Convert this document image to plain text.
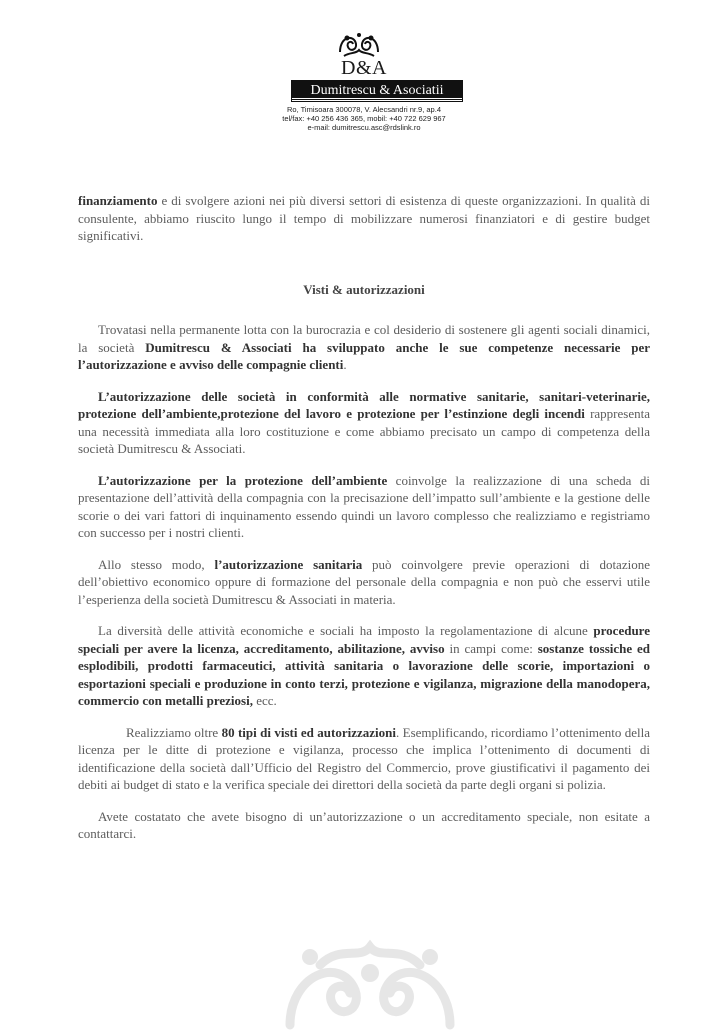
D&A
Dumitrescu & Asociatii
Ro, Timisoara 300078, V. Alecsandri nr.9, ap.4
tel/fax: +40 256 436 365, mobil: +40 722 629 967
e-mail: dumitrescu.asc@rdslink.ro

finanziamento e di svolgere azioni nei più diversi settori di esistenza di queste organizzazioni. In qualità di consulente, abbiamo riuscito lungo il tempo di mobilizzare numerosi finanziatori e di gestire budget significativi.

Visti & autorizzazioni

Trovatasi nella permanente lotta con la burocrazia e col desiderio di sostenere gli agenti sociali dinamici, la società Dumitrescu & Associati ha sviluppato anche le sue competenze necessarie per l’autorizzazione e avviso delle compagnie clienti.

L’autorizzazione delle società in conformità alle normative sanitarie, sanitari-veterinarie, protezione dell’ambiente,protezione del lavoro e protezione per l’estinzione degli incendi rappresenta una necessità immediata alla loro costituzione e come abbiamo precisato un campo di competenza della società Dumitrescu & Associati.

L’autorizzazione per la protezione dell’ambiente coinvolge la realizzazione di una scheda di presentazione dell’attività della compagnia con la precisazione dell’impatto sull’ambiente e la gestione delle scorie o dei vari fattori di inquinamento essendo quindi un lavoro complesso che realizziamo e registriamo con successo per i nostri clienti.

Allo stesso modo, l’autorizzazione sanitaria può coinvolgere previe operazioni di dotazione dell’obiettivo economico oppure di formazione del personale della compagnia e non può che esservi utile l’esperienza della società Dumitrescu & Associati in materia.

La diversità delle attività economiche e sociali ha imposto la regolamentazione di alcune procedure speciali per avere la licenza, accreditamento, abilitazione, avviso in campi come: sostanze tossiche ed esplodibili, prodotti farmaceutici, attività sanitaria o lavorazione delle scorie, importazioni o esportazioni speciali e produzione in conto terzi, protezione e vigilanza, migrazione della manodopera, commercio con metalli preziosi, ecc.

Realizziamo oltre 80 tipi di visti ed autorizzazioni. Esemplificando, ricordiamo l’ottenimento della licenza per le ditte di protezione e vigilanza, processo che implica l’ottenimento di documenti di identificazione della società dall’Ufficio del Registro del Commercio, prove giustificativi il pagamento dei debiti ai budget di stato e la verifica speciale dei direttori della società da parte degli organi si polizia.

Avete costatato che avete bisogno di un’autorizzazione o un accreditamento speciale, non esitate a contattarci.
